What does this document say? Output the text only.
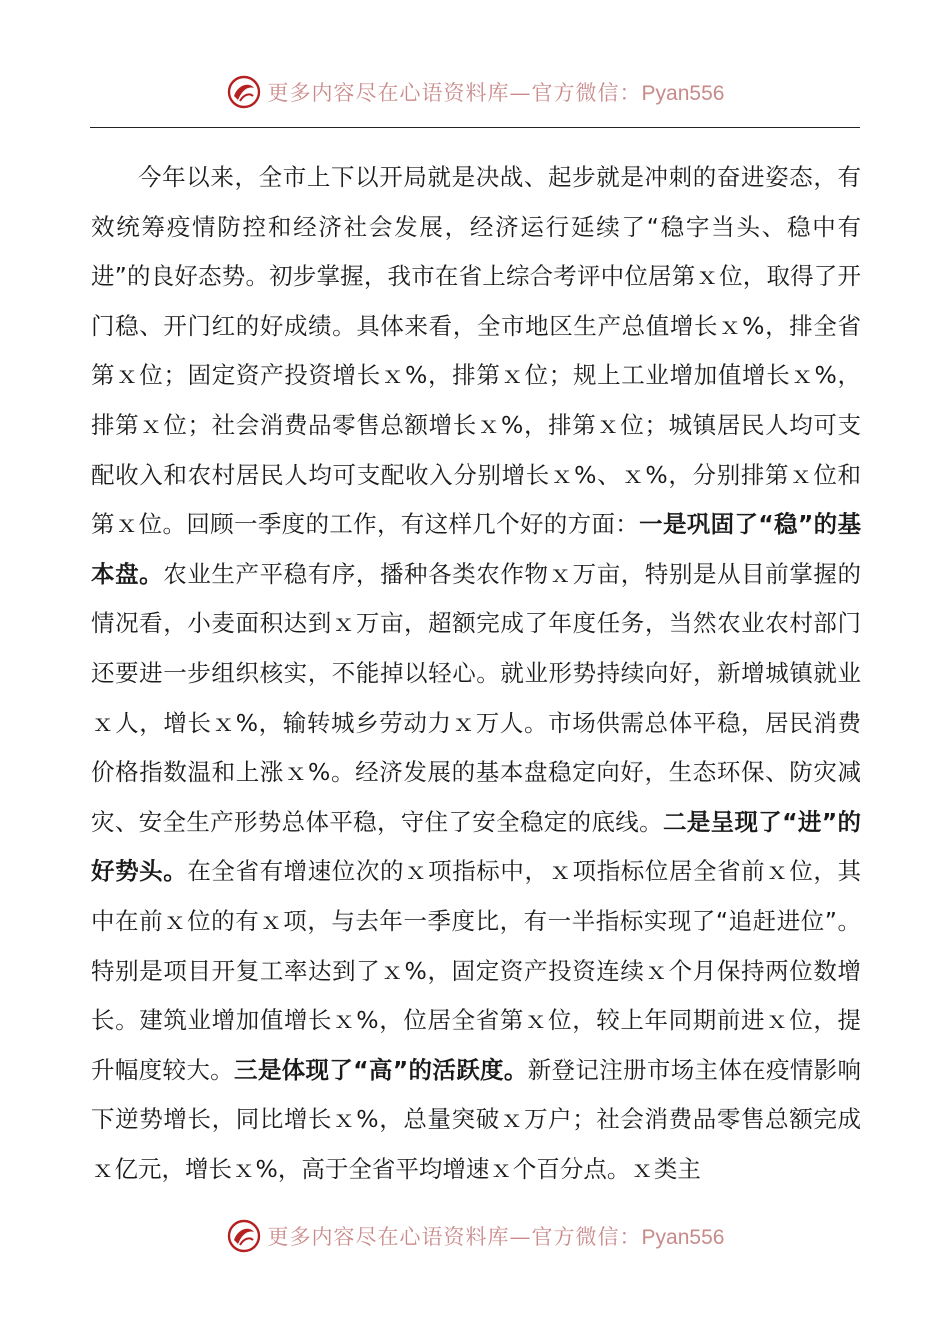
更多内容尽在心语资料库—官方微信：Pyan556

今年以来，全市上下以开局就是决战、起步就是冲刺的奋进姿态，有效统筹疫情防控和经济社会发展，经济运行延续了“稳字当头、稳中有进”的良好态势。初步掌握，我市在省上综合考评中位居第ｘ位，取得了开门稳、开门红的好成绩。具体来看，全市地区生产总值增长ｘ%，排全省第ｘ位；固定资产投资增长ｘ%，排第ｘ位；规上工业增加值增长ｘ%，排第ｘ位；社会消费品零售总额增长ｘ%，排第ｘ位；城镇居民人均可支配收入和农村居民人均可支配收入分别增长ｘ%、ｘ%，分别排第ｘ位和第ｘ位。回顾一季度的工作，有这样几个好的方面：一是巩固了“稳”的基本盘。农业生产平稳有序，播种各类农作物ｘ万亩，特别是从目前掌握的情况看，小麦面积达到ｘ万亩，超额完成了年度任务，当然农业农村部门还要进一步组织核实，不能掉以轻心。就业形势持续向好，新增城镇就业ｘ人，增长ｘ%，输转城乡劳动力ｘ万人。市场供需总体平稳，居民消费价格指数温和上涨ｘ%。经济发展的基本盘稳定向好，生态环保、防灾减灾、安全生产形势总体平稳，守住了安全稳定的底线。二是呈现了“进”的好势头。在全省有增速位次的ｘ项指标中，ｘ项指标位居全省前ｘ位，其中在前ｘ位的有ｘ项，与去年一季度比，有一半指标实现了“追赶进位”。特别是项目开复工率达到了ｘ%，固定资产投资连续ｘ个月保持两位数增长。建筑业增加值增长ｘ%，位居全省第ｘ位，较上年同期前进ｘ位，提升幅度较大。三是体现了“高”的活跃度。新登记注册市场主体在疫情影响下逆势增长，同比增长ｘ%，总量突破ｘ万户；社会消费品零售总额完成ｘ亿元，增长ｘ%，高于全省平均增速ｘ个百分点。ｘ类主

更多内容尽在心语资料库—官方微信：Pyan556
